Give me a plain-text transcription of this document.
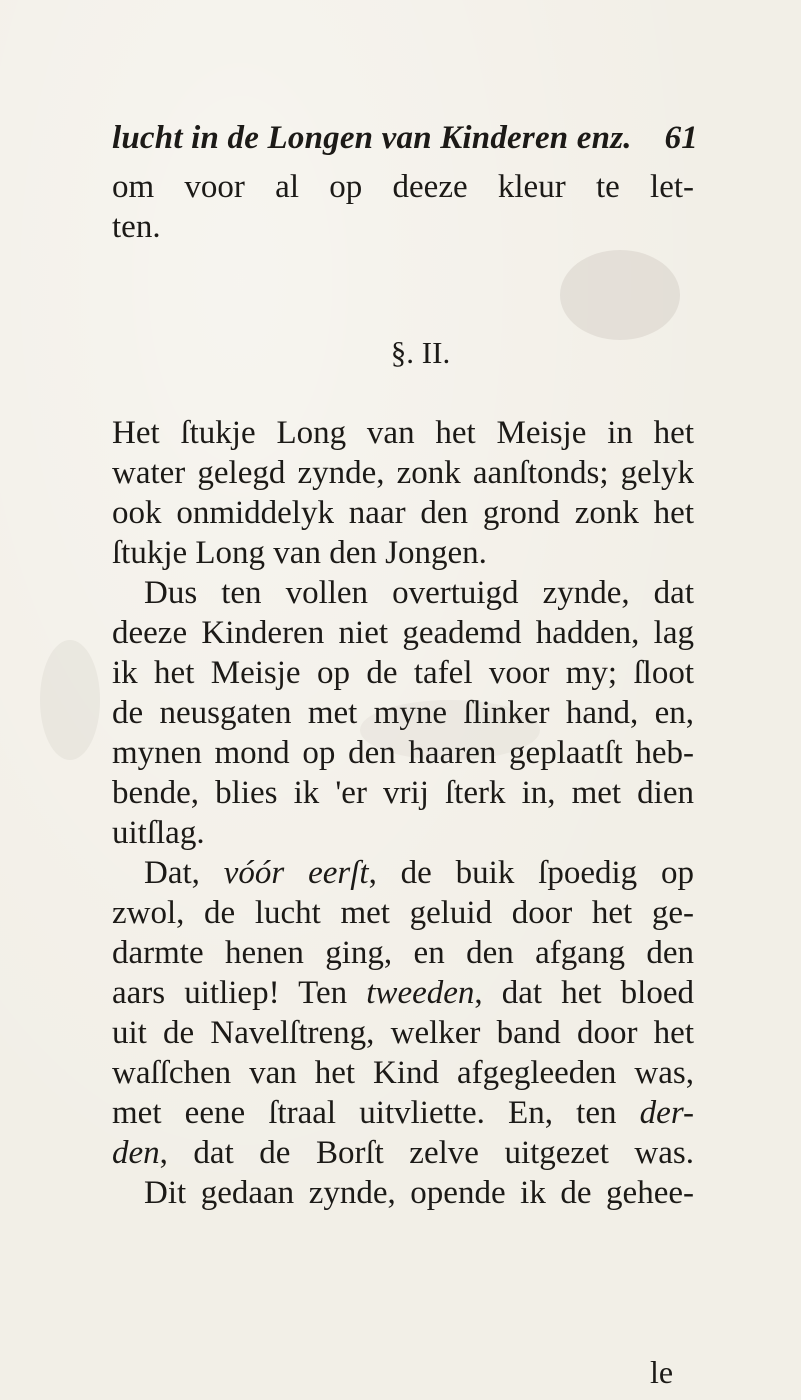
lucht in de Longen van Kinderen enz. 61
om voor al op deeze kleur te let-
ten.
§. II.
Het ſtukje Long van het Meisje in het
water gelegd zynde, zonk aanſtonds; gelyk
ook onmiddelyk naar den grond zonk het
ſtukje Long van den Jongen.
Dus ten vollen overtuigd zynde, dat
deeze Kinderen niet geademd hadden, lag
ik het Meisje op de tafel voor my; ſloot
de neusgaten met myne ſlinker hand, en,
mynen mond op den haaren geplaatſt heb-
bende, blies ik 'er vrij ſterk in, met dien
uitſlag.
Dat, vóór eerſt, de buik ſpoedig op
zwol, de lucht met geluid door het ge-
darmte henen ging, en den afgang den
aars uitliep! Ten tweeden, dat het bloed
uit de Navelſtreng, welker band door het
waſſchen van het Kind afgegleeden was,
met eene ſtraal uitvliette. En, ten der-
den, dat de Borſt zelve uitgezet was.
Dit gedaan zynde, opende ik de gehee-
le
